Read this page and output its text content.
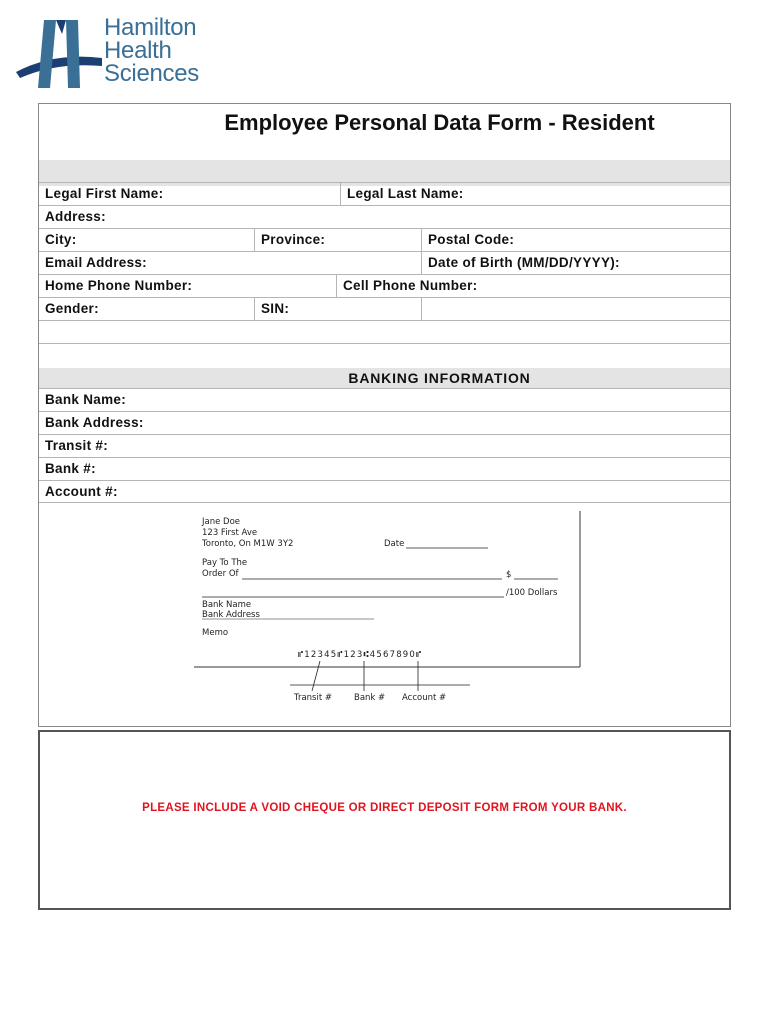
Hamilton
Health
Sciences
Employee Personal Data Form - Resident
Legal First Name:	Legal Last Name:
Address:
City:	Province:	Postal Code:
Email Address:	Date of Birth (MM/DD/YYYY):
Home Phone Number:	Cell Phone Number:
Gender:	SIN:
BANKING INFORMATION
Bank Name:
Bank Address:
Transit #:
Bank #:
Account #:
Jane Doe
123 First Ave
Toronto, On M1W 3Y2	Date
Pay To The
Order Of	$
/100 Dollars
Bank Name
Bank Address
Memo
⑈12345⑈123⑆4567890⑈
Transit #	Bank # Account #
PLEASE INCLUDE A VOID CHEQUE OR DIRECT DEPOSIT FORM FROM YOUR BANK.
